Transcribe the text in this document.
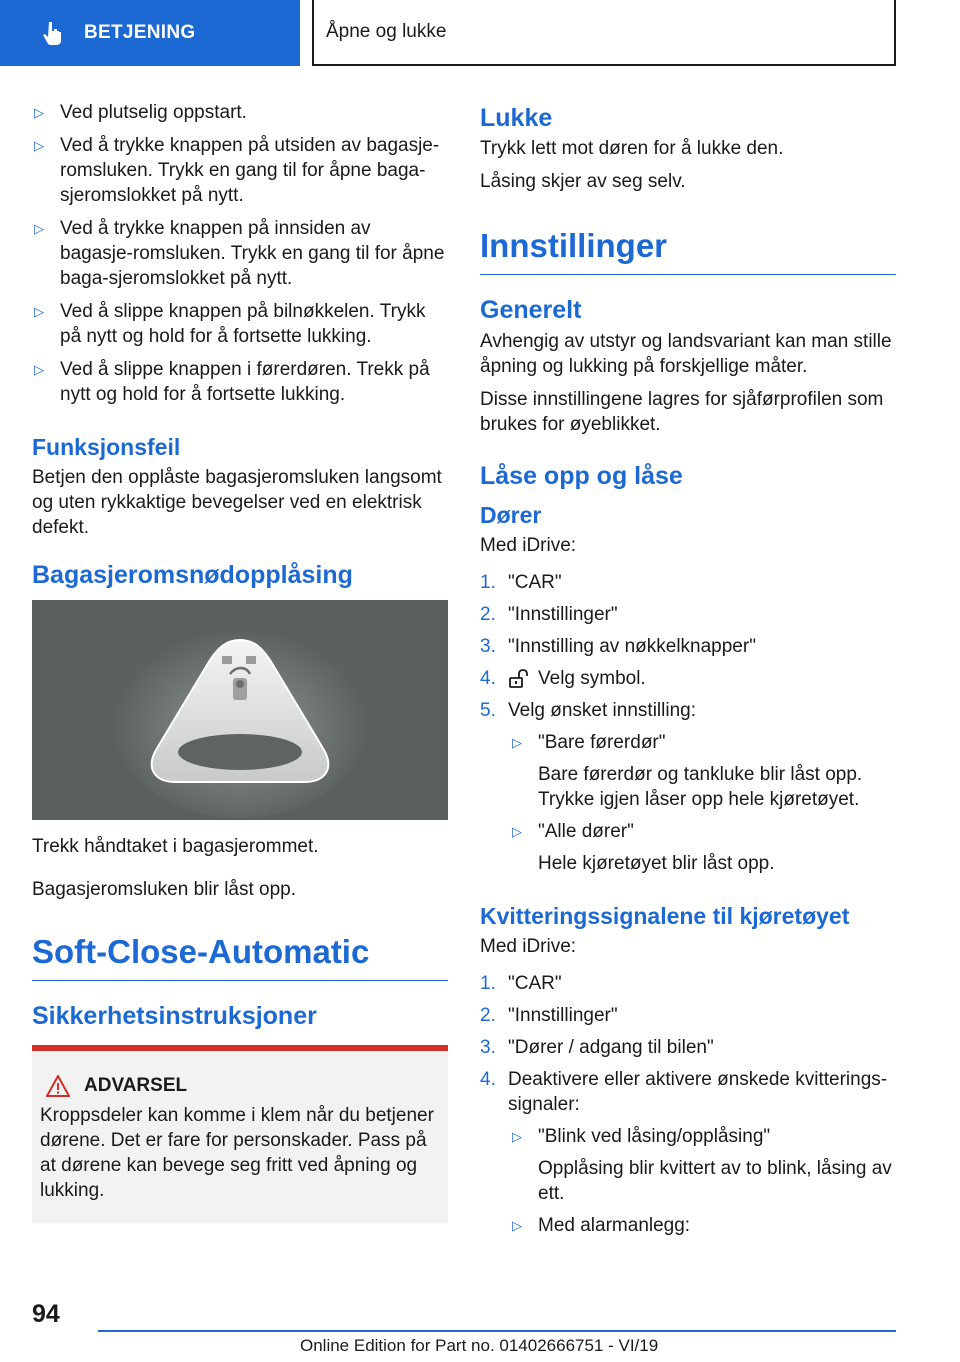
BETJENING	Åpne og lukke
▷ Ved plutselig oppstart.
▷ Ved å trykke knappen på utsiden av bagasje-romsluken. Trykk en gang til for åpne baga-sjeromslokket på nytt.
▷ Ved å trykke knappen på innsiden av bagasje-romsluken. Trykk en gang til for åpne baga-sjeromslokket på nytt.
▷ Ved å slippe knappen på bilnøkkelen. Trykk på nytt og hold for å fortsette lukking.
▷ Ved å slippe knappen i førerdøren. Trekk på nytt og hold for å fortsette lukking.
Funksjonsfeil
Betjen den opplåste bagasjeromsluken langsomt og uten rykkaktige bevegelser ved en elektrisk defekt.
Bagasjeromsnødopplåsing
Trekk håndtaket i bagasjerommet.
Bagasjeromsluken blir låst opp.
Soft-Close-Automatic
Sikkerhetsinstruksjoner
ADVARSEL
Kroppsdeler kan komme i klem når du betjener dørene. Det er fare for personskader. Pass på at dørene kan bevege seg fritt ved åpning og lukking.
Lukke
Trykk lett mot døren for å lukke den.
Låsing skjer av seg selv.
Innstillinger
Generelt
Avhengig av utstyr og landsvariant kan man stille åpning og lukking på forskjellige måter.
Disse innstillingene lagres for sjåførprofilen som brukes for øyeblikket.
Låse opp og låse
Dører
Med iDrive:
1. "CAR"
2. "Innstillinger"
3. "Innstilling av nøkkelknapper"
4.	Velg symbol.
5. Velg ønsket innstilling:
▷ "Bare førerdør"
Bare førerdør og tankluke blir låst opp. Trykke igjen låser opp hele kjøretøyet.
▷ "Alle dører"
Hele kjøretøyet blir låst opp.
Kvitteringssignalene til kjøretøyet
Med iDrive:
1. "CAR"
2. "Innstillinger"
3. "Dører / adgang til bilen"
4. Deaktivere eller aktivere ønskede kvitterings-signaler:
▷ "Blink ved låsing/opplåsing"
Opplåsing blir kvittert av to blink, låsing av ett.
▷ Med alarmanlegg:
94
Online Edition for Part no. 01402666751 - VI/19
